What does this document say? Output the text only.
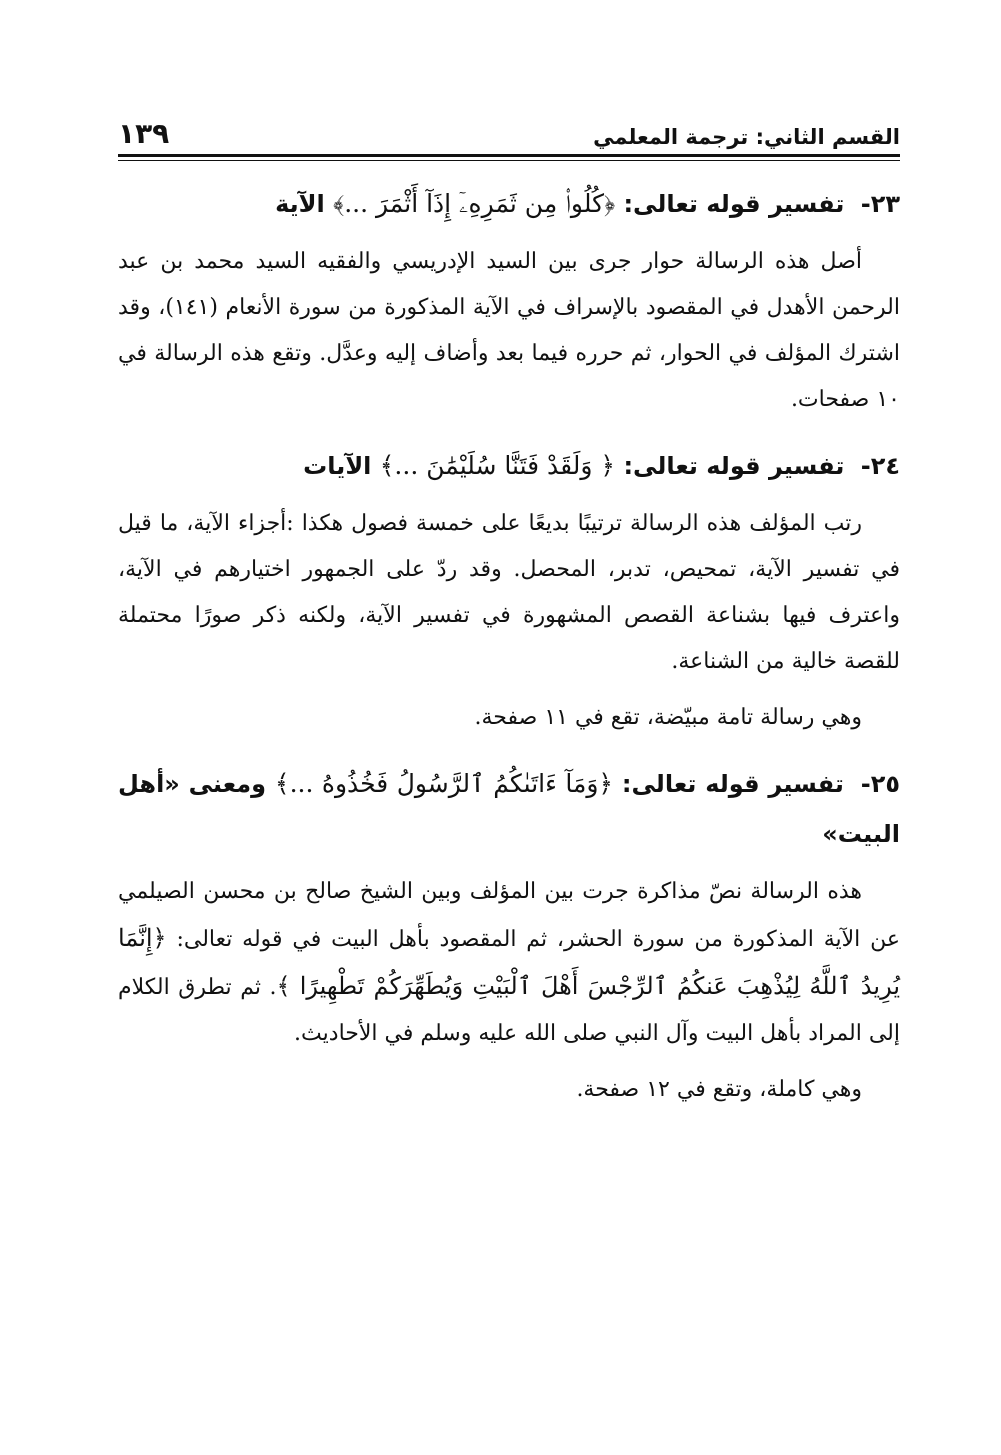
القسم الثاني: ترجمة المعلمي
١٣٩
٢٣- تفسير قوله تعالى: ﴿كُلُوا۟ مِن ثَمَرِهِۦٓ إِذَآ أَثْمَرَ ...﴾ الآية

أصل هذه الرسالة حوار جرى بين السيد الإدريسي والفقيه السيد محمد بن عبد الرحمن الأهدل في المقصود بالإسراف في الآية المذكورة من سورة الأنعام (١٤١)، وقد اشترك المؤلف في الحوار، ثم حرره فيما بعد وأضاف إليه وعدَّل. وتقع هذه الرسالة في ١٠ صفحات.

٢٤- تفسير قوله تعالى: ﴿ وَلَقَدْ فَتَنَّا سُلَيْمَٰنَ ...﴾ الآيات

رتب المؤلف هذه الرسالة ترتيبًا بديعًا على خمسة فصول هكذا :أجزاء الآية، ما قيل في تفسير الآية، تمحيص، تدبر، المحصل. وقد ردّ على الجمهور اختيارهم في الآية، واعترف فيها بشناعة القصص المشهورة في تفسير الآية، ولكنه ذكر صورًا محتملة للقصة خالية من الشناعة.

وهي رسالة تامة مبيّضة، تقع في ١١ صفحة.

٢٥- تفسير قوله تعالى: ﴿وَمَآ ءَاتَىٰكُمُ ٱلرَّسُولُ فَخُذُوهُ ...﴾ ومعنى «أهل البيت»

هذه الرسالة نصّ مذاكرة جرت بين المؤلف وبين الشيخ صالح بن محسن الصيلمي عن الآية المذكورة من سورة الحشر، ثم المقصود بأهل البيت في قوله تعالى: ﴿إِنَّمَا يُرِيدُ ٱللَّهُ لِيُذْهِبَ عَنكُمُ ٱلرِّجْسَ أَهْلَ ٱلْبَيْتِ وَيُطَهِّرَكُمْ تَطْهِيرًا ﴾. ثم تطرق الكلام إلى المراد بأهل البيت وآل النبي صلى الله عليه وسلم في الأحاديث.

وهي كاملة، وتقع في ١٢ صفحة.
